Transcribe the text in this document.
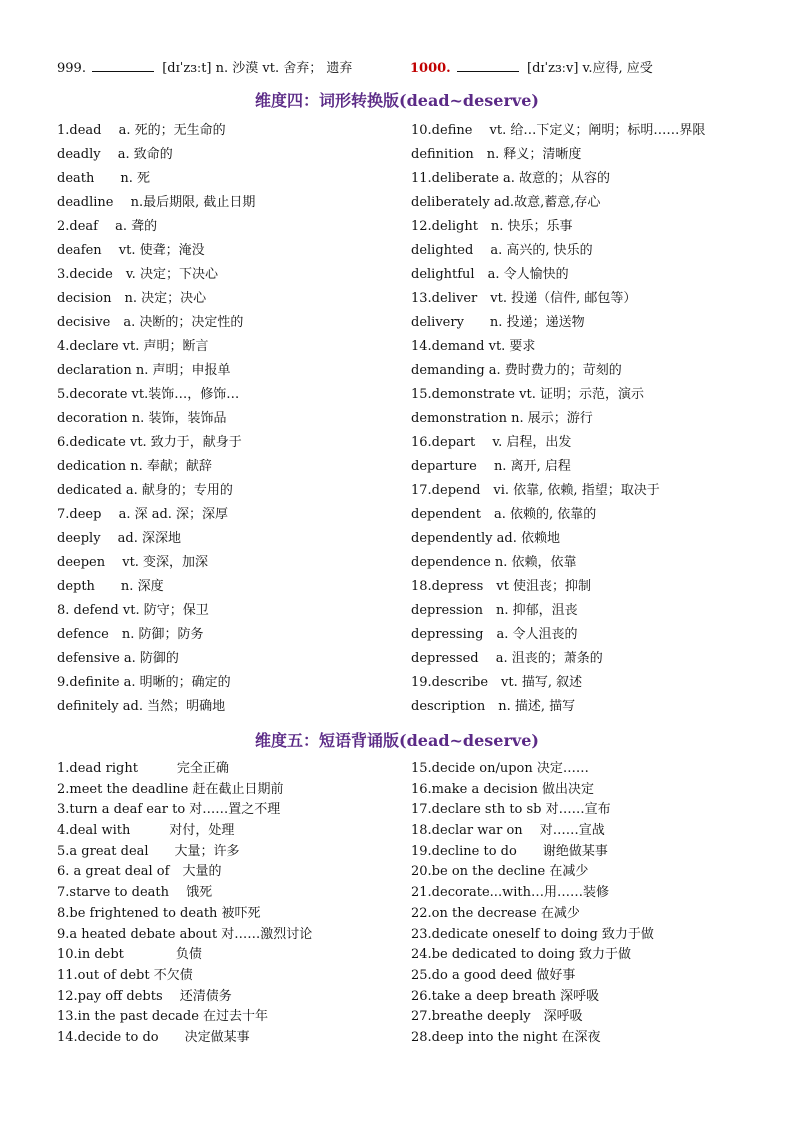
999.	[dɪˈzɜːt] n. 沙漠 vt. 舍弃； 遗弃	1000.	[dɪˈzɜːv] v.应得, 应受
维度四：词形转换版(dead~deserve)
1.dead　 a. 死的；无生命的
deadly　 a. 致命的
death　　n. 死
deadline　 n.最后期限, 截止日期
2.deaf　 a. 聋的
deafen　 vt. 使聋；淹没
3.decide　v. 决定；下决心
decision　n. 决定；决心
decisive　a. 决断的；决定性的
4.declare vt. 声明；断言
declaration n. 声明；申报单
5.decorate vt.装饰…，修饰…
decoration n. 装饰，装饰品
6.dedicate vt. 致力于，献身于
dedication n. 奉献；献辞
dedicated a. 献身的；专用的
7.deep　 a. 深 ad. 深；深厚
deeply　 ad. 深深地
deepen　 vt. 变深，加深
depth　　n. 深度
8. defend vt. 防守；保卫
defence　n. 防御；防务
defensive a. 防御的
9.definite a. 明晰的；确定的
definitely ad. 当然；明确地
10.define　 vt. 给…下定义；阐明；标明……界限
definition　n. 释义；清晰度
11.deliberate a. 故意的；从容的
deliberately ad.故意,蓄意,存心
12.delight　n. 快乐；乐事
delighted　 a. 高兴的, 快乐的
delightful　a. 令人愉快的
13.deliver　vt. 投递（信件, 邮包等）
delivery　　n. 投递；递送物
14.demand vt. 要求
demanding a. 费时费力的；苛刻的
15.demonstrate vt. 证明；示范，演示
demonstration n. 展示；游行
16.depart　 v. 启程，出发
departure　 n. 离开, 启程
17.depend　vi. 依靠, 依赖, 指望；取决于
dependent　a. 依赖的, 依靠的
dependently ad. 依赖地
dependence n. 依赖，依靠
18.depress　vt 使沮丧；抑制
depression　n. 抑郁，沮丧
depressing　a. 令人沮丧的
depressed　 a. 沮丧的；萧条的
19.describe　vt. 描写, 叙述
description　n. 描述, 描写
维度五：短语背诵版(dead~deserve)
1.dead right　　　完全正确
2.meet the deadline 赶在截止日期前
3.turn a deaf ear to 对……置之不理
4.deal with　　　对付，处理
5.a great deal　　大量；许多
6. a great deal of　大量的
7.starve to death　 饿死
8.be frightened to death 被吓死
9.a heated debate about 对……激烈讨论
10.in debt　　　　负债
11.out of debt 不欠债
12.pay off debts　 还清债务
13.in the past decade 在过去十年
14.decide to do　　决定做某事
15.decide on/upon 决定……
16.make a decision 做出决定
17.declare sth to sb 对……宣布
18.declar war on　 对……宣战
19.decline to do　　谢绝做某事
20.be on the decline 在减少
21.decorate...with…用……装修
22.on the decrease 在减少
23.dedicate oneself to doing 致力于做
24.be dedicated to doing 致力于做
25.do a good deed 做好事
26.take a deep breath 深呼吸
27.breathe deeply　深呼吸
28.deep into the night 在深夜
